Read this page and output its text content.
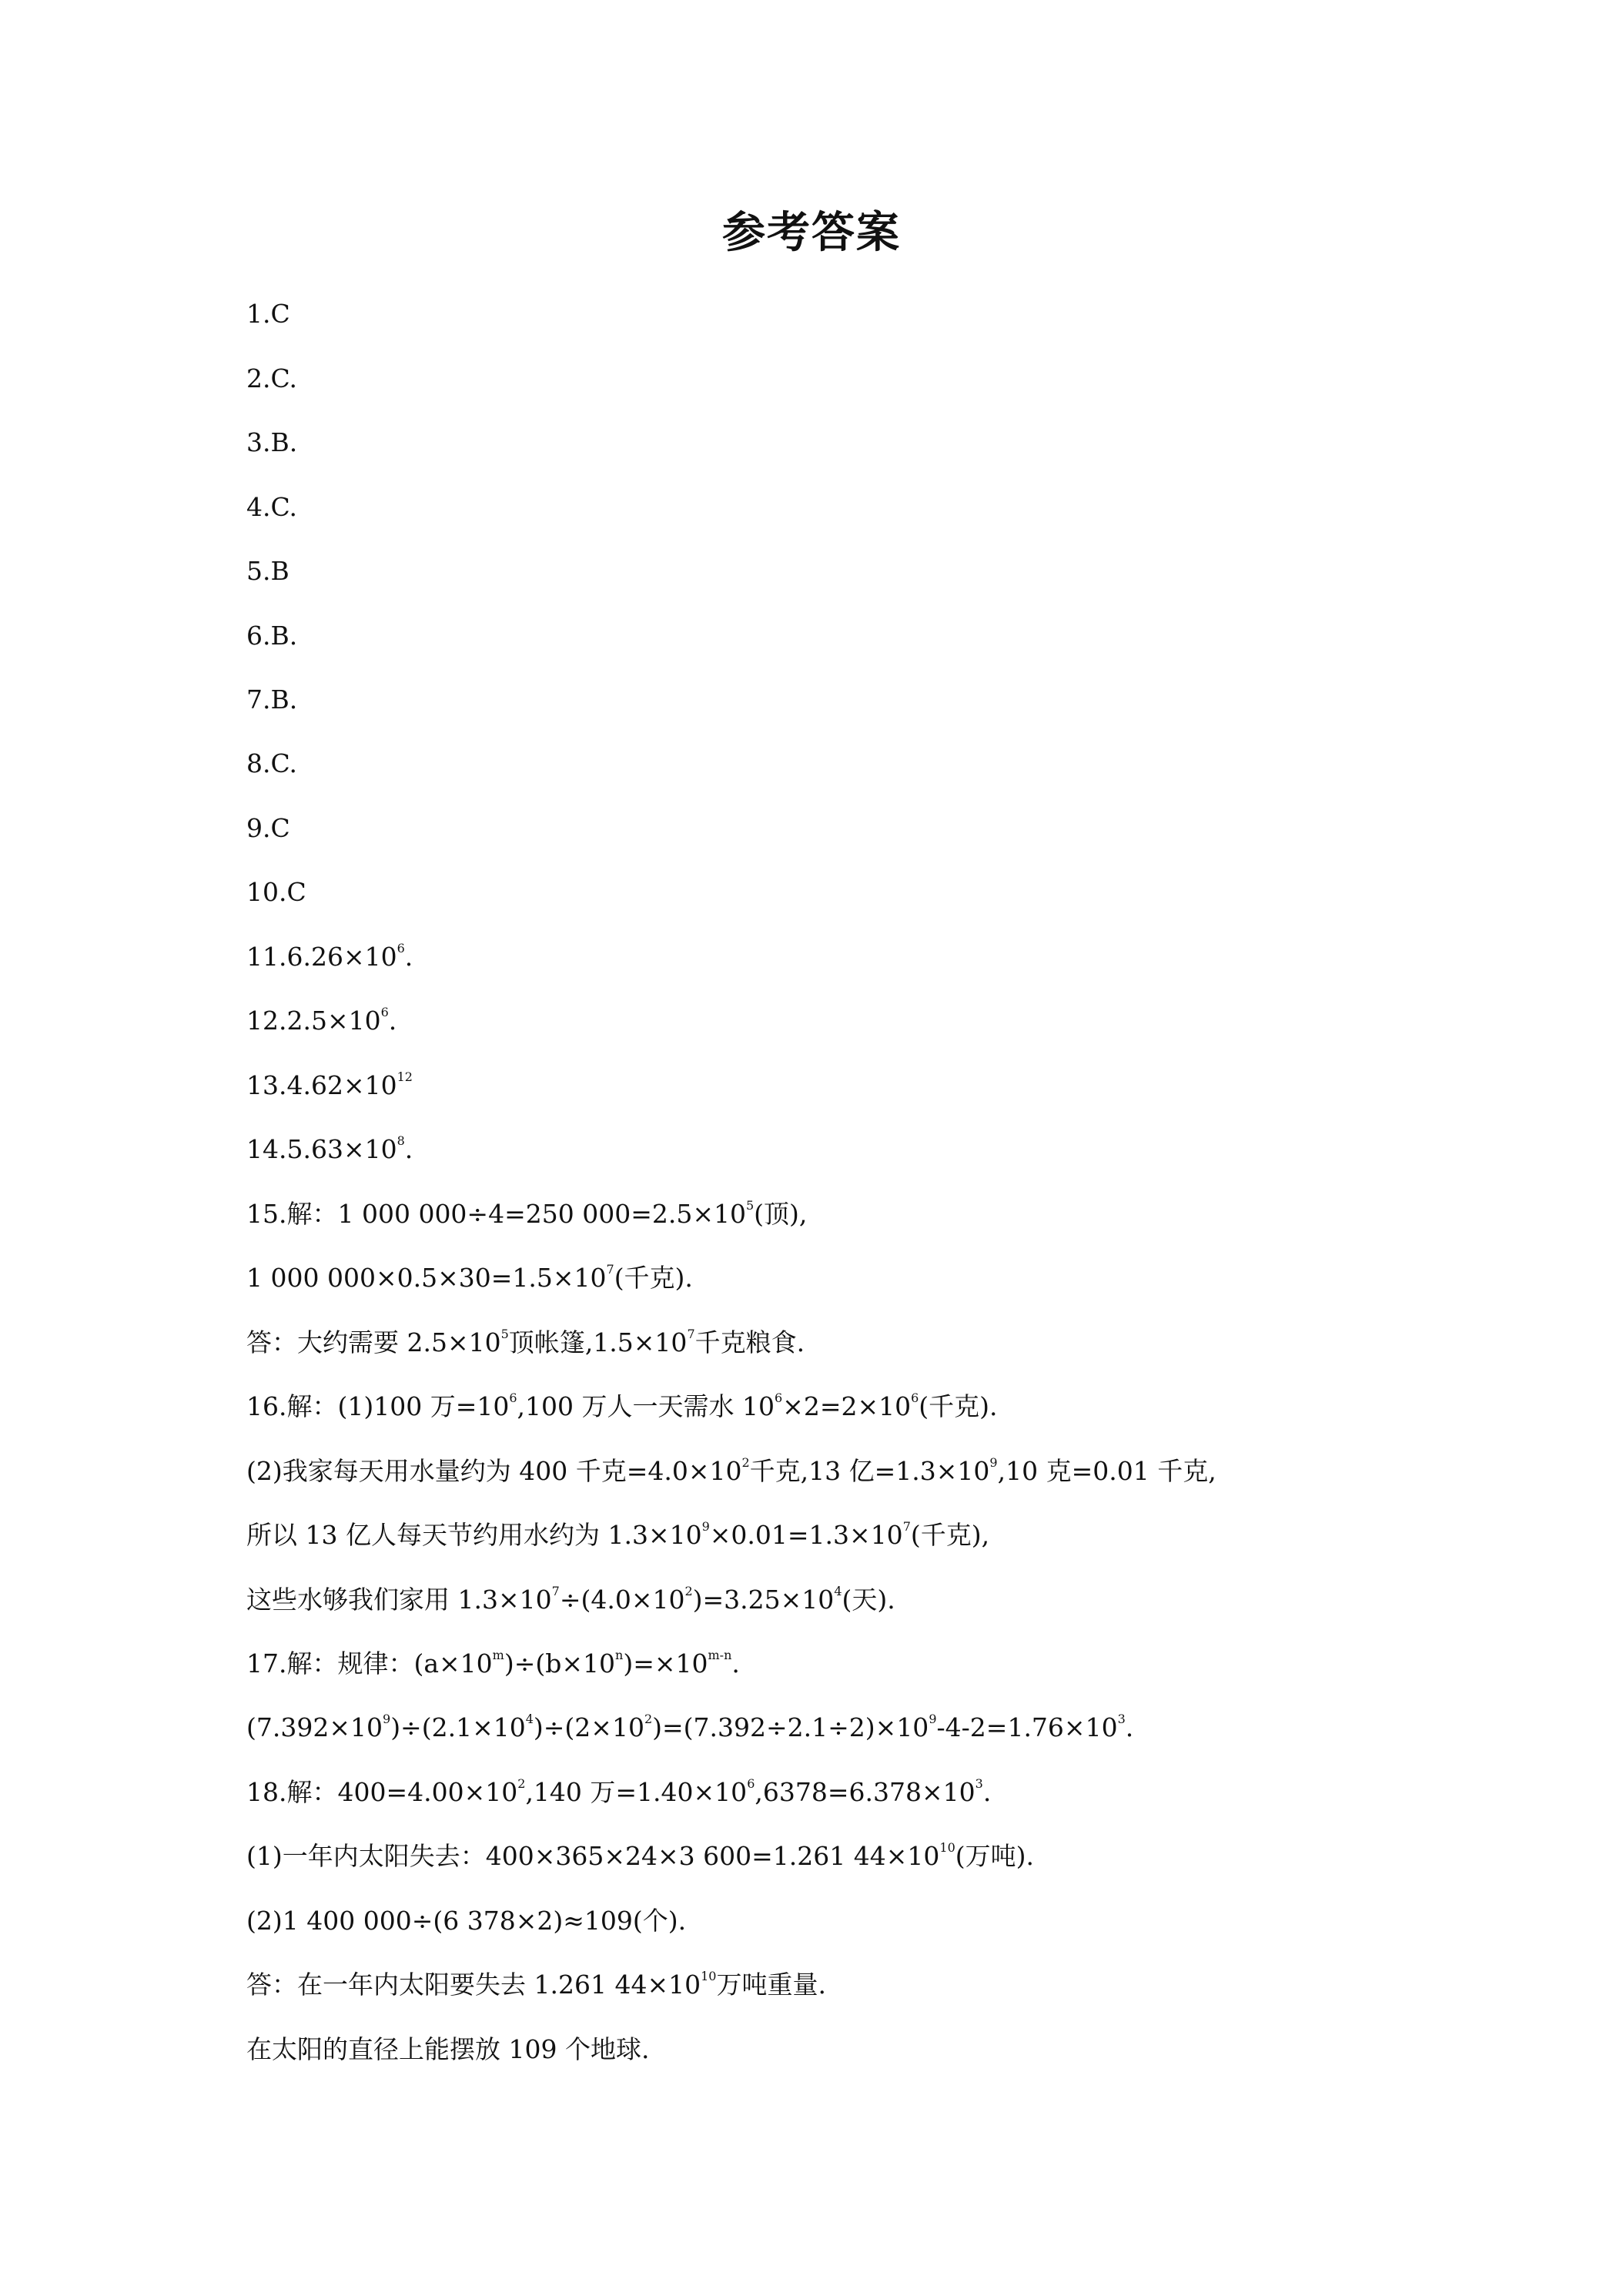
参考答案
1.C
2.C.
3.B.
4.C.
5.B
6.B.
7.B.
8.C.
9.C
10.C
$11.6.26\times 10^6$.
$12.2.5\times 10^6$.
$13.4.62\times 10^{12}$
$14.5.63\times 10^8$.
15.解：1 000 000÷4=250 $000=2.5\times 10^5$(顶),
1 000 $000\times 0.5\times 30=1.5\times 10^7$(千克).
答：大约需要 $2.5\times 10^5$顶帐篷$,1.5\times 10^7$千克粮食.
16.解：(1)100 万$=10^6,100$ 万人一天需水 $10^6\times 2=2\times 10^6$(千克).
(2)我家每天用水量约为 400 千克$=4.0\times 10^2$千克,13 亿$=1.3\times 10^9,10$ 克=0.01 千克,
所以 13 亿人每天节约用水约为 $1.3\times 10^9\times 0.01=1.3\times 10^7$(千克),
这些水够我们家用 $1.3\times 10^7\div(4.0\times 10^2)=3.25\times 10^4$(天).
17.解：规律：$(a\times 10^m)\div(b\times 10^n)=\times 10^{m-n}$.
$(7.392\times 10^9)\div(2.1\times 10^4)\div(2\times 10^2)=(7.392\div 2.1\div 2)\times 10^9-4-2=1.76\times 10^3$.
18.解：$400=4.00\times 10^2,140$ 万$=1.40\times 10^6,6378=6.378\times 10^3$.
(1)一年内太阳失去：400×365×24×3 600=1.261 $44\times 10^{10}$(万吨).
(2)1 400 000÷(6 378×2)≈109(个).
答：在一年内太阳要失去 1.261 $44\times 10^{10}$万吨重量.
在太阳的直径上能摆放 109 个地球.
